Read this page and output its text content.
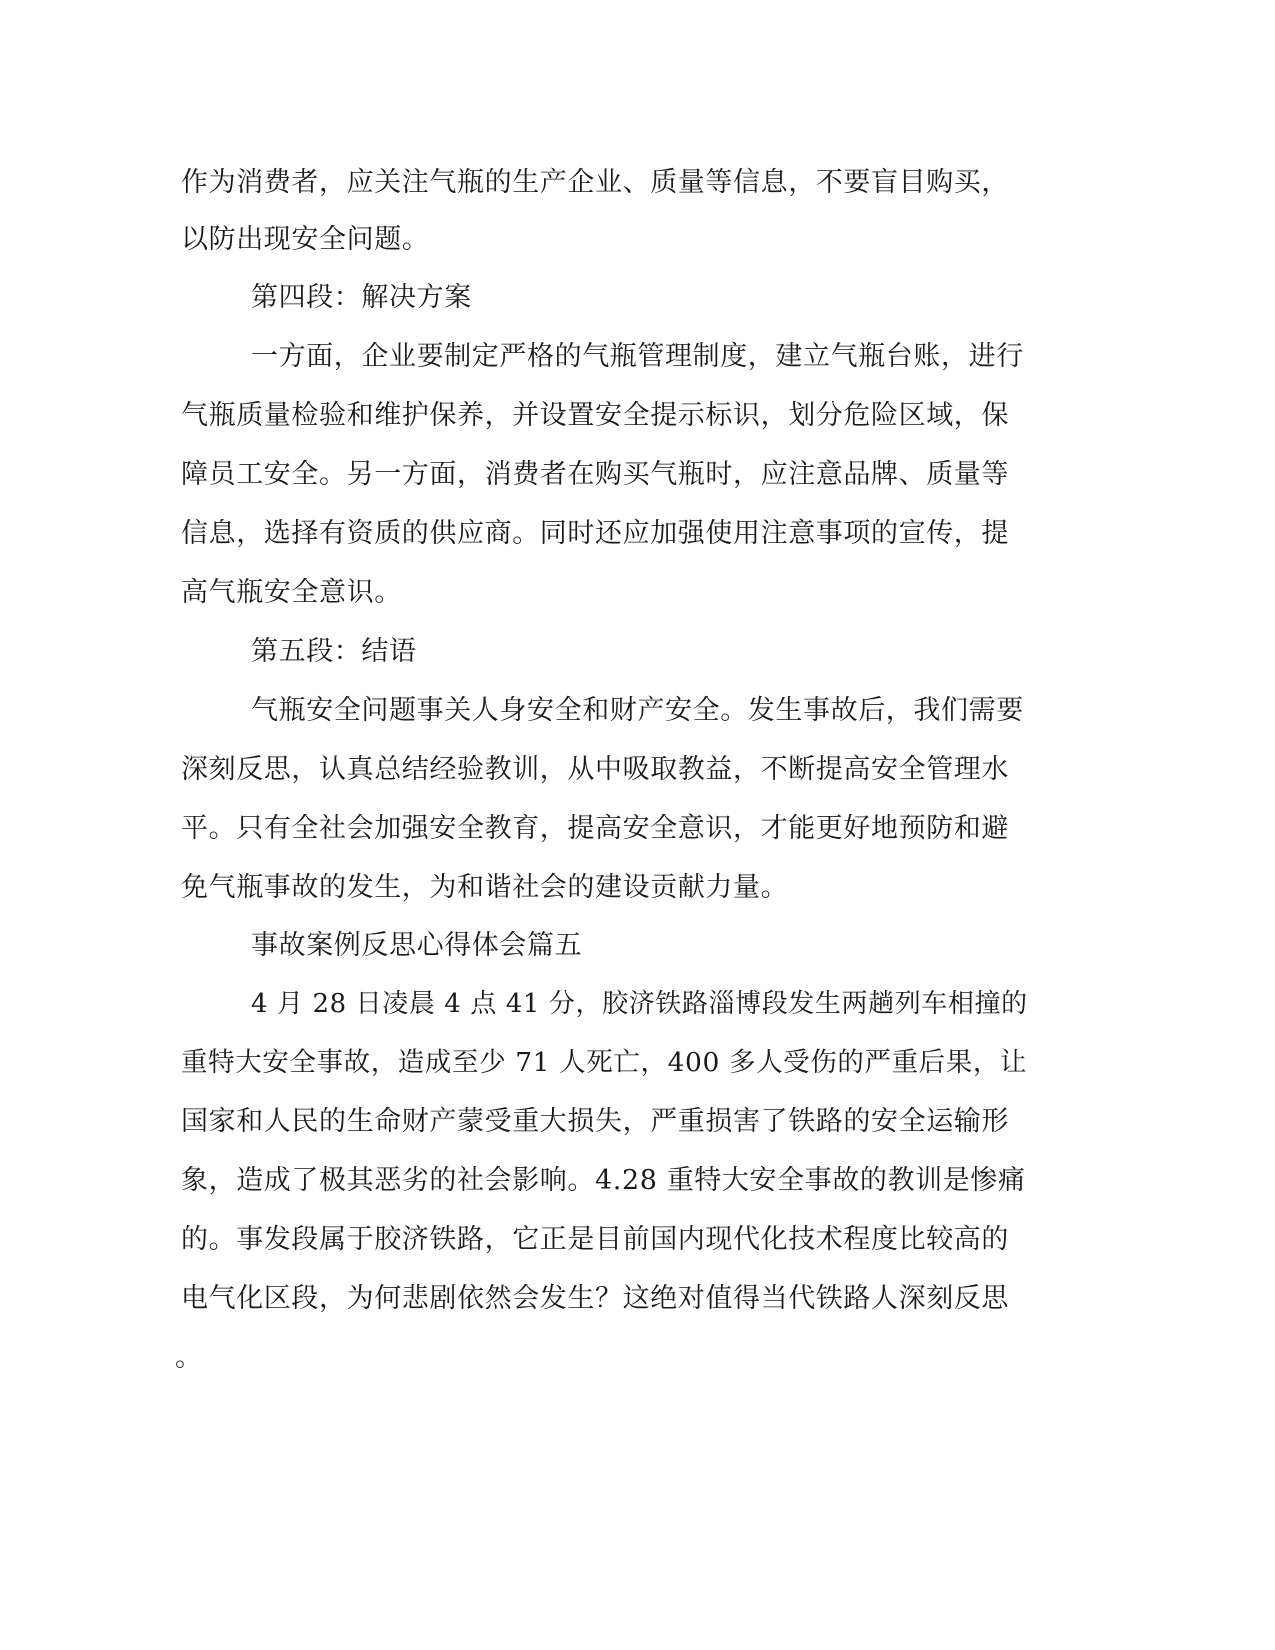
作为消费者，应关注气瓶的生产企业、质量等信息，不要盲目购买，
以防出现安全问题。
第四段：解决方案
一方面，企业要制定严格的气瓶管理制度，建立气瓶台账，进行
气瓶质量检验和维护保养，并设置安全提示标识，划分危险区域，保
障员工安全。另一方面，消费者在购买气瓶时，应注意品牌、质量等
信息，选择有资质的供应商。同时还应加强使用注意事项的宣传，提
高气瓶安全意识。
第五段：结语
气瓶安全问题事关人身安全和财产安全。发生事故后，我们需要
深刻反思，认真总结经验教训，从中吸取教益，不断提高安全管理水
平。只有全社会加强安全教育，提高安全意识，才能更好地预防和避
免气瓶事故的发生，为和谐社会的建设贡献力量。
事故案例反思心得体会篇五
4 月 28 日凌晨 4 点 41 分，胶济铁路淄博段发生两趟列车相撞的
重特大安全事故，造成至少 71 人死亡，400 多人受伤的严重后果，让
国家和人民的生命财产蒙受重大损失，严重损害了铁路的安全运输形
象，造成了极其恶劣的社会影响。4.28 重特大安全事故的教训是惨痛
的。事发段属于胶济铁路，它正是目前国内现代化技术程度比较高的
电气化区段，为何悲剧依然会发生？这绝对值得当代铁路人深刻反思
。
